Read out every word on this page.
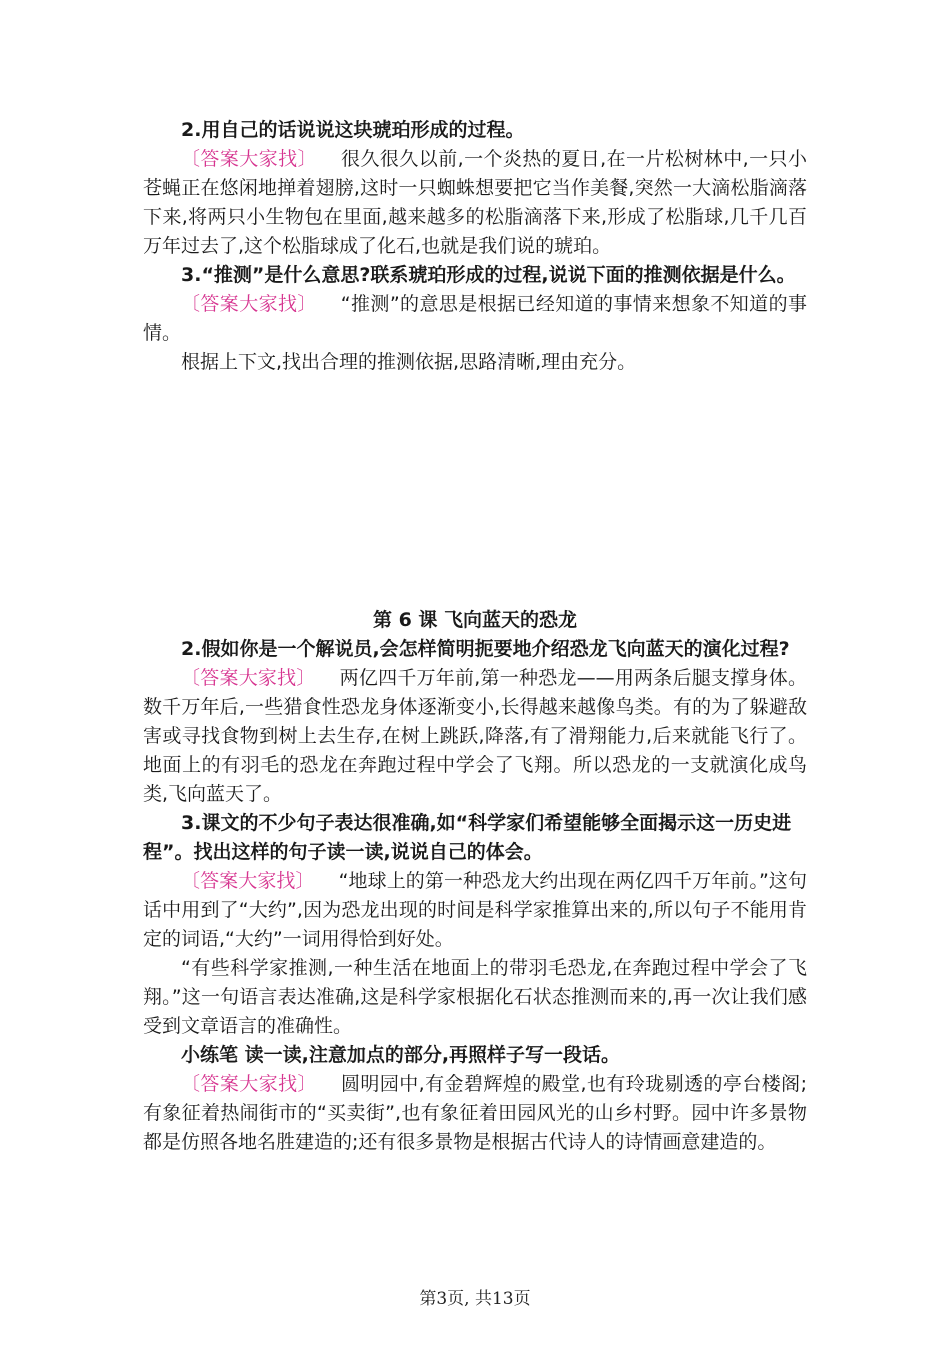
2.用自己的话说说这块琥珀形成的过程。

〔答案大家找〕 很久很久以前,一个炎热的夏日,在一片松树林中,一只小苍蝇正在悠闲地掸着翅膀,这时一只蜘蛛想要把它当作美餐,突然一大滴松脂滴落下来,将两只小生物包在里面,越来越多的松脂滴落下来,形成了松脂球,几千几百万年过去了,这个松脂球成了化石,也就是我们说的琥珀。

3.“推测”是什么意思?联系琥珀形成的过程,说说下面的推测依据是什么。

〔答案大家找〕 “推测”的意思是根据已经知道的事情来想象不知道的事情。

根据上下文,找出合理的推测依据,思路清晰,理由充分。

第 6 课 飞向蓝天的恐龙

2.假如你是一个解说员,会怎样简明扼要地介绍恐龙飞向蓝天的演化过程?

〔答案大家找〕 两亿四千万年前,第一种恐龙——用两条后腿支撑身体。数千万年后,一些猎食性恐龙身体逐渐变小,长得越来越像鸟类。有的为了躲避敌害或寻找食物到树上去生存,在树上跳跃,降落,有了滑翔能力,后来就能飞行了。地面上的有羽毛的恐龙在奔跑过程中学会了飞翔。所以恐龙的一支就演化成鸟类,飞向蓝天了。

3.课文的不少句子表达很准确,如“科学家们希望能够全面揭示这一历史进程”。找出这样的句子读一读,说说自己的体会。

〔答案大家找〕 “地球上的第一种恐龙大约出现在两亿四千万年前。”这句话中用到了“大约”,因为恐龙出现的时间是科学家推算出来的,所以句子不能用肯定的词语,“大约”一词用得恰到好处。

“有些科学家推测,一种生活在地面上的带羽毛恐龙,在奔跑过程中学会了飞翔。”这一句语言表达准确,这是科学家根据化石状态推测而来的,再一次让我们感受到文章语言的准确性。

小练笔 读一读,注意加点的部分,再照样子写一段话。

〔答案大家找〕 圆明园中,有金碧辉煌的殿堂,也有玲珑剔透的亭台楼阁;有象征着热闹街市的“买卖街”,也有象征着田园风光的山乡村野。园中许多景物都是仿照各地名胜建造的;还有很多景物是根据古代诗人的诗情画意建造的。

第3页, 共13页
